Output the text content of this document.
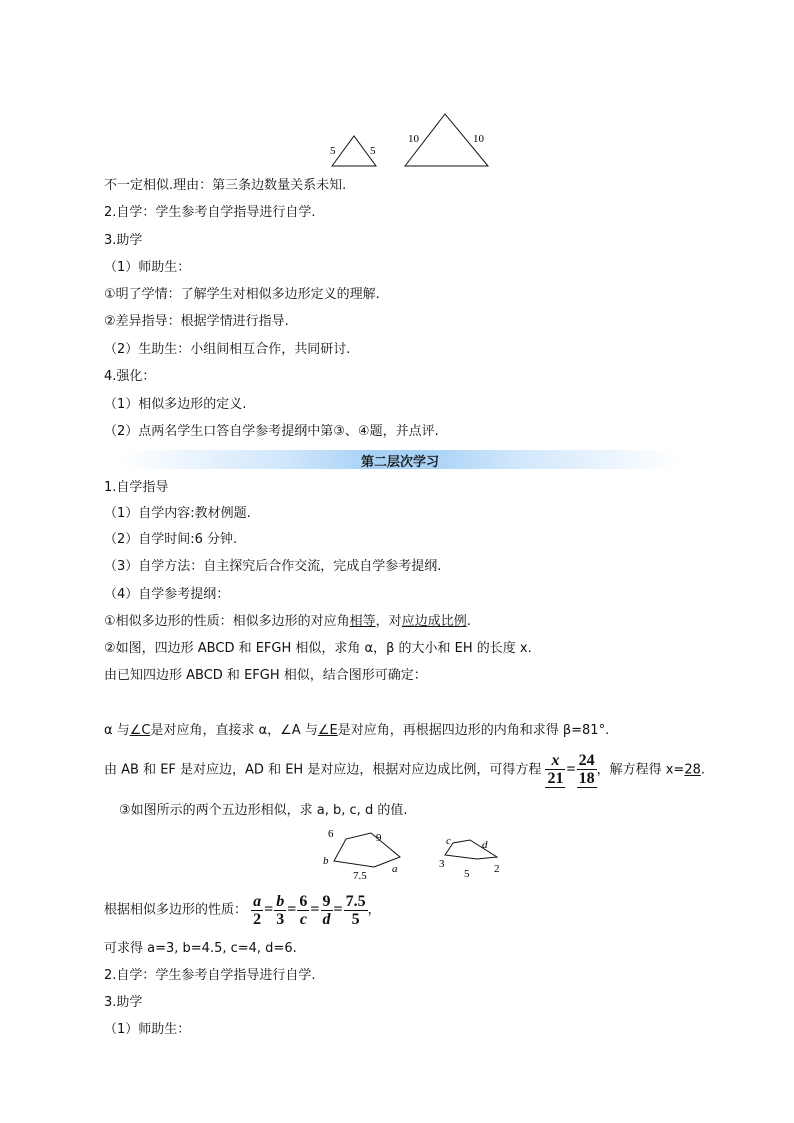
5	5
10	10
不一定相似.理由：第三条边数量关系未知.
2.自学：学生参考自学指导进行自学.
3.助学
（1）师助生：
①明了学情：了解学生对相似多边形定义的理解.
②差异指导：根据学情进行指导.
（2）生助生：小组间相互合作，共同研讨.
4.强化：
（1）相似多边形的定义.
（2）点两名学生口答自学参考提纲中第③、④题，并点评.
第二层次学习
1.自学指导
（1）自学内容:教材例题.
（2）自学时间:6 分钟.
（3）自学方法：自主探究后合作交流，完成自学参考提纲.
（4）自学参考提纲：
①相似多边形的性质：相似多边形的对应角相等，对应边成比例.
②如图，四边形 ABCD 和 EFGH 相似，求角 α，β 的大小和 EH 的长度 x.
由已知四边形 ABCD 和 EFGH 相似，结合图形可确定：
α 与∠C是对应角，直接求 α，∠A 与∠E是对应角，再根据四边形的内角和求得 β=81°.
由 AB 和 EF 是对应边，AD 和 EH 是对应边，根据对应边成比例，可得方程 $\frac{x}{21} = \frac{24}{18}$ ，解方程得 x=28.
③如图所示的两个五边形相似，求 a, b, c, d 的值.
6	9
b
a
7.5
c	d
3
5 2
根据相似多边形的性质： $\frac{a}{2} = \frac{b}{3} = \frac{6}{c} = \frac{9}{d} = \frac{7.5}{5}$ ，
可求得 a=3, b=4.5, c=4, d=6.
2.自学：学生参考自学指导进行自学.
3.助学
（1）师助生：
